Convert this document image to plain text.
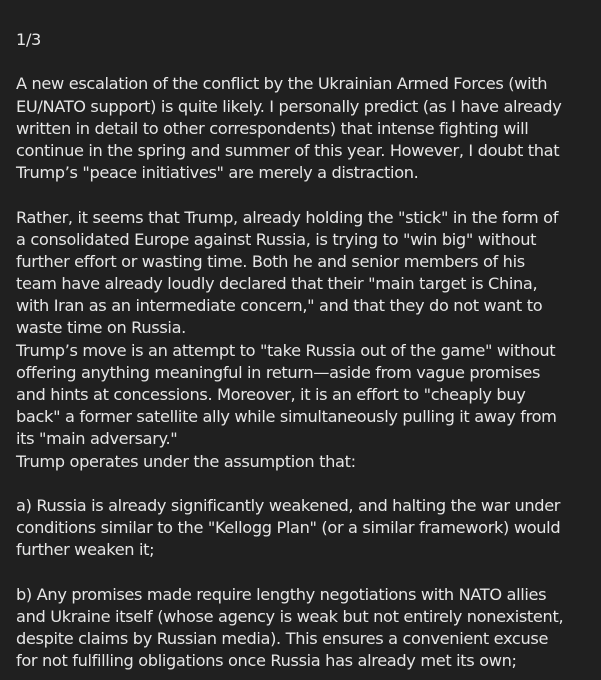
1/3
A new escalation of the conflict by the Ukrainian Armed Forces (with
EU/NATO support) is quite likely. I personally predict (as I have already
written in detail to other correspondents) that intense fighting will
continue in the spring and summer of this year. However, I doubt that
Trump’s "peace initiatives" are merely a distraction.
Rather, it seems that Trump, already holding the "stick" in the form of
a consolidated Europe against Russia, is trying to "win big" without
further effort or wasting time. Both he and senior members of his
team have already loudly declared that their "main target is China,
with Iran as an intermediate concern," and that they do not want to
waste time on Russia.
Trump’s move is an attempt to "take Russia out of the game" without
offering anything meaningful in return—aside from vague promises
and hints at concessions. Moreover, it is an effort to "cheaply buy
back" a former satellite ally while simultaneously pulling it away from
its "main adversary."
Trump operates under the assumption that:
a) Russia is already significantly weakened, and halting the war under
conditions similar to the "Kellogg Plan" (or a similar framework) would
further weaken it;
b) Any promises made require lengthy negotiations with NATO allies
and Ukraine itself (whose agency is weak but not entirely nonexistent,
despite claims by Russian media). This ensures a convenient excuse
for not fulfilling obligations once Russia has already met its own;
